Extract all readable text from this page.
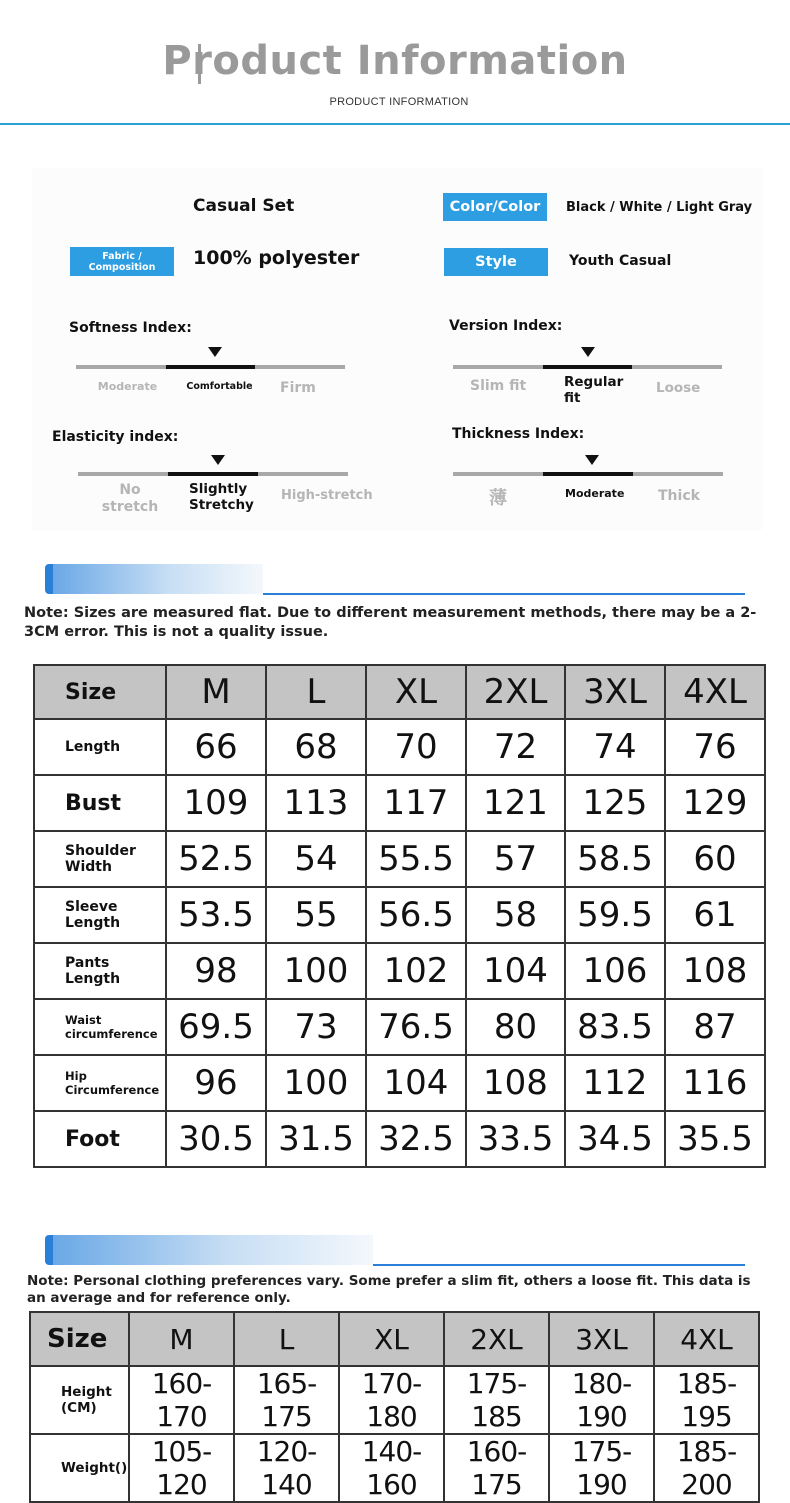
Product Information
PRODUCT INFORMATION
Casual Set	Color/Color	Black / White / Light Gray
Fabric / Composition	100% polyester	Style	Youth Casual
Softness Index:
Moderate	Comfortable	Firm
Version Index:
Slim fit	Regular fit
Loose
Elasticity index:
No stretch
Slightly Stretchy
High-stretch
Thickness Index:
薄	Moderate Thick
Note: Sizes are measured flat. Due to different measurement methods, there may be a 2-3CM error. This is not a quality issue.
Size	M	L	XL	2XL	3XL	4XL
Length	66	68	70	72	74	76
Bust	109	113	117	121	125	129
Shoulder Width	52.5	54	55.5	57	58.5	60
Sleeve Length	53.5	55	56.5	58	59.5	61
Pants Length	98	100	102	104	106	108
Waist circumference	69.5	73	76.5	80	83.5	87
Hip Circumference	96	100	104	108	112	116
Foot	30.5	31.5	32.5	33.5	34.5	35.5
Note: Personal clothing preferences vary. Some prefer a slim fit, others a loose fit. This data is an average and for reference only.
Size	M	L	XL	2XL	3XL	4XL
Height (CM)	160-170	165-175	170-180	175-185	180-190	185-195
Weight()	105-120	120-140	140-160	160-175	175-190	185-200
